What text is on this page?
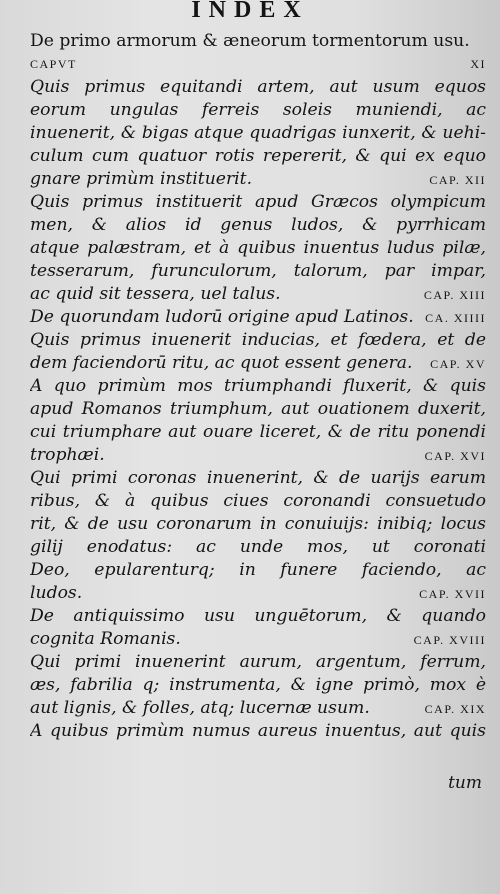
INDEX
De primo armorum & æneorum tormentorum usu.
CAPVT	XI
Quis primus equitandi artem, aut usum equos
eorum ungulas ferreis soleis muniendi, ac
inuenerit, & bigas atque quadrigas iunxerit, & uehi-
culum cum quatuor rotis repererit, & qui ex equo
gnare primùm instituerit.	CAP. XII
Quis primus instituerit apud Græcos olympicum
men, & alios id genus ludos, & pyrrhicam
atque palæstram, et à quibus inuentus ludus pilæ,
tesserarum, furunculorum, talorum, par impar,
ac quid sit tessera, uel talus.	CAP. XIII
De quorundam ludorū origine apud Latinos. CA. XIIII
Quis primus inuenerit inducias, et fœdera, et de
dem faciendorū ritu, ac quot essent genera. CAP. XV
A quo primùm mos triumphandi fluxerit, & quis
apud Romanos triumphum, aut ouationem duxerit,
cui triumphare aut ouare liceret, & de ritu ponendi
trophæi.	CAP. XVI
Qui primi coronas inuenerint, & de uarijs earum
ribus, & à quibus ciues coronandi consuetudo
rit, & de usu coronarum in conuiuijs: inibiq; locus
gilij enodatus: ac unde mos, ut coronati
Deo, epularenturq; in funere faciendo, ac
ludos.	CAP. XVII
De antiquissimo usu unguētorum, & quando
cognita Romanis.	CAP. XVIII
Qui primi inuenerint aurum, argentum, ferrum,
æs, fabrilia q; instrumenta, & igne primò, mox è
aut lignis, & folles, atq; lucernæ usum.	CAP. XIX
A quibus primùm numus aureus inuentus, aut quis
tum
